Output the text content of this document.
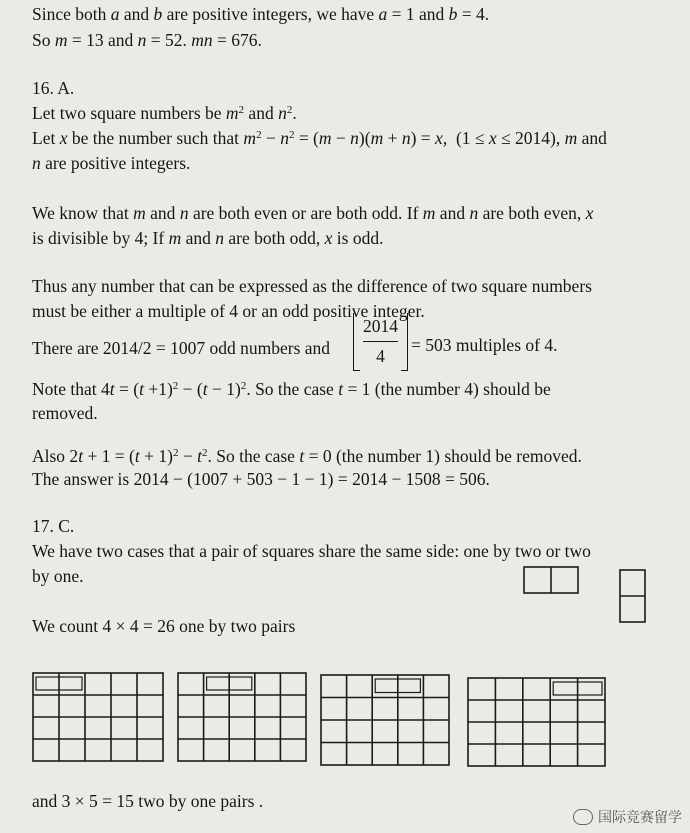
Since both a and b are positive integers, we have a = 1 and b = 4.
So m = 13 and n = 52. mn = 676.
16. A.
Let two square numbers be $m^2$ and $n^2$.
Let x be the number such that $m^2 - n^2 = (m - n)(m + n) = x$,  (1 ≤ x ≤ 2014), m and
n are positive integers.
We know that m and n are both even or are both odd. If m and n are both even, x
is divisible by 4; If m and n are both odd, x is odd.
Thus any number that can be expressed as the difference of two square numbers
must be either a multiple of 4 or an odd positive integer.
There are 2014/2 = 1007 odd numbers and
2014
4
= 503 multiples of 4.
Note that $4t = (t +1)^2 - (t - 1)^2$. So the case t = 1 (the number 4) should be
removed.
Also $2t + 1 = (t + 1)^2 - t^2$. So the case t = 0 (the number 1) should be removed.
The answer is 2014 − (1007 + 503 − 1 − 1) = 2014 − 1508 = 506.
17. C.
We have two cases that a pair of squares share the same side: one by two or two
by one.
We count 4 × 4 = 26 one by two pairs
and 3 × 5 = 15 two by one pairs .
国际竞赛留学
